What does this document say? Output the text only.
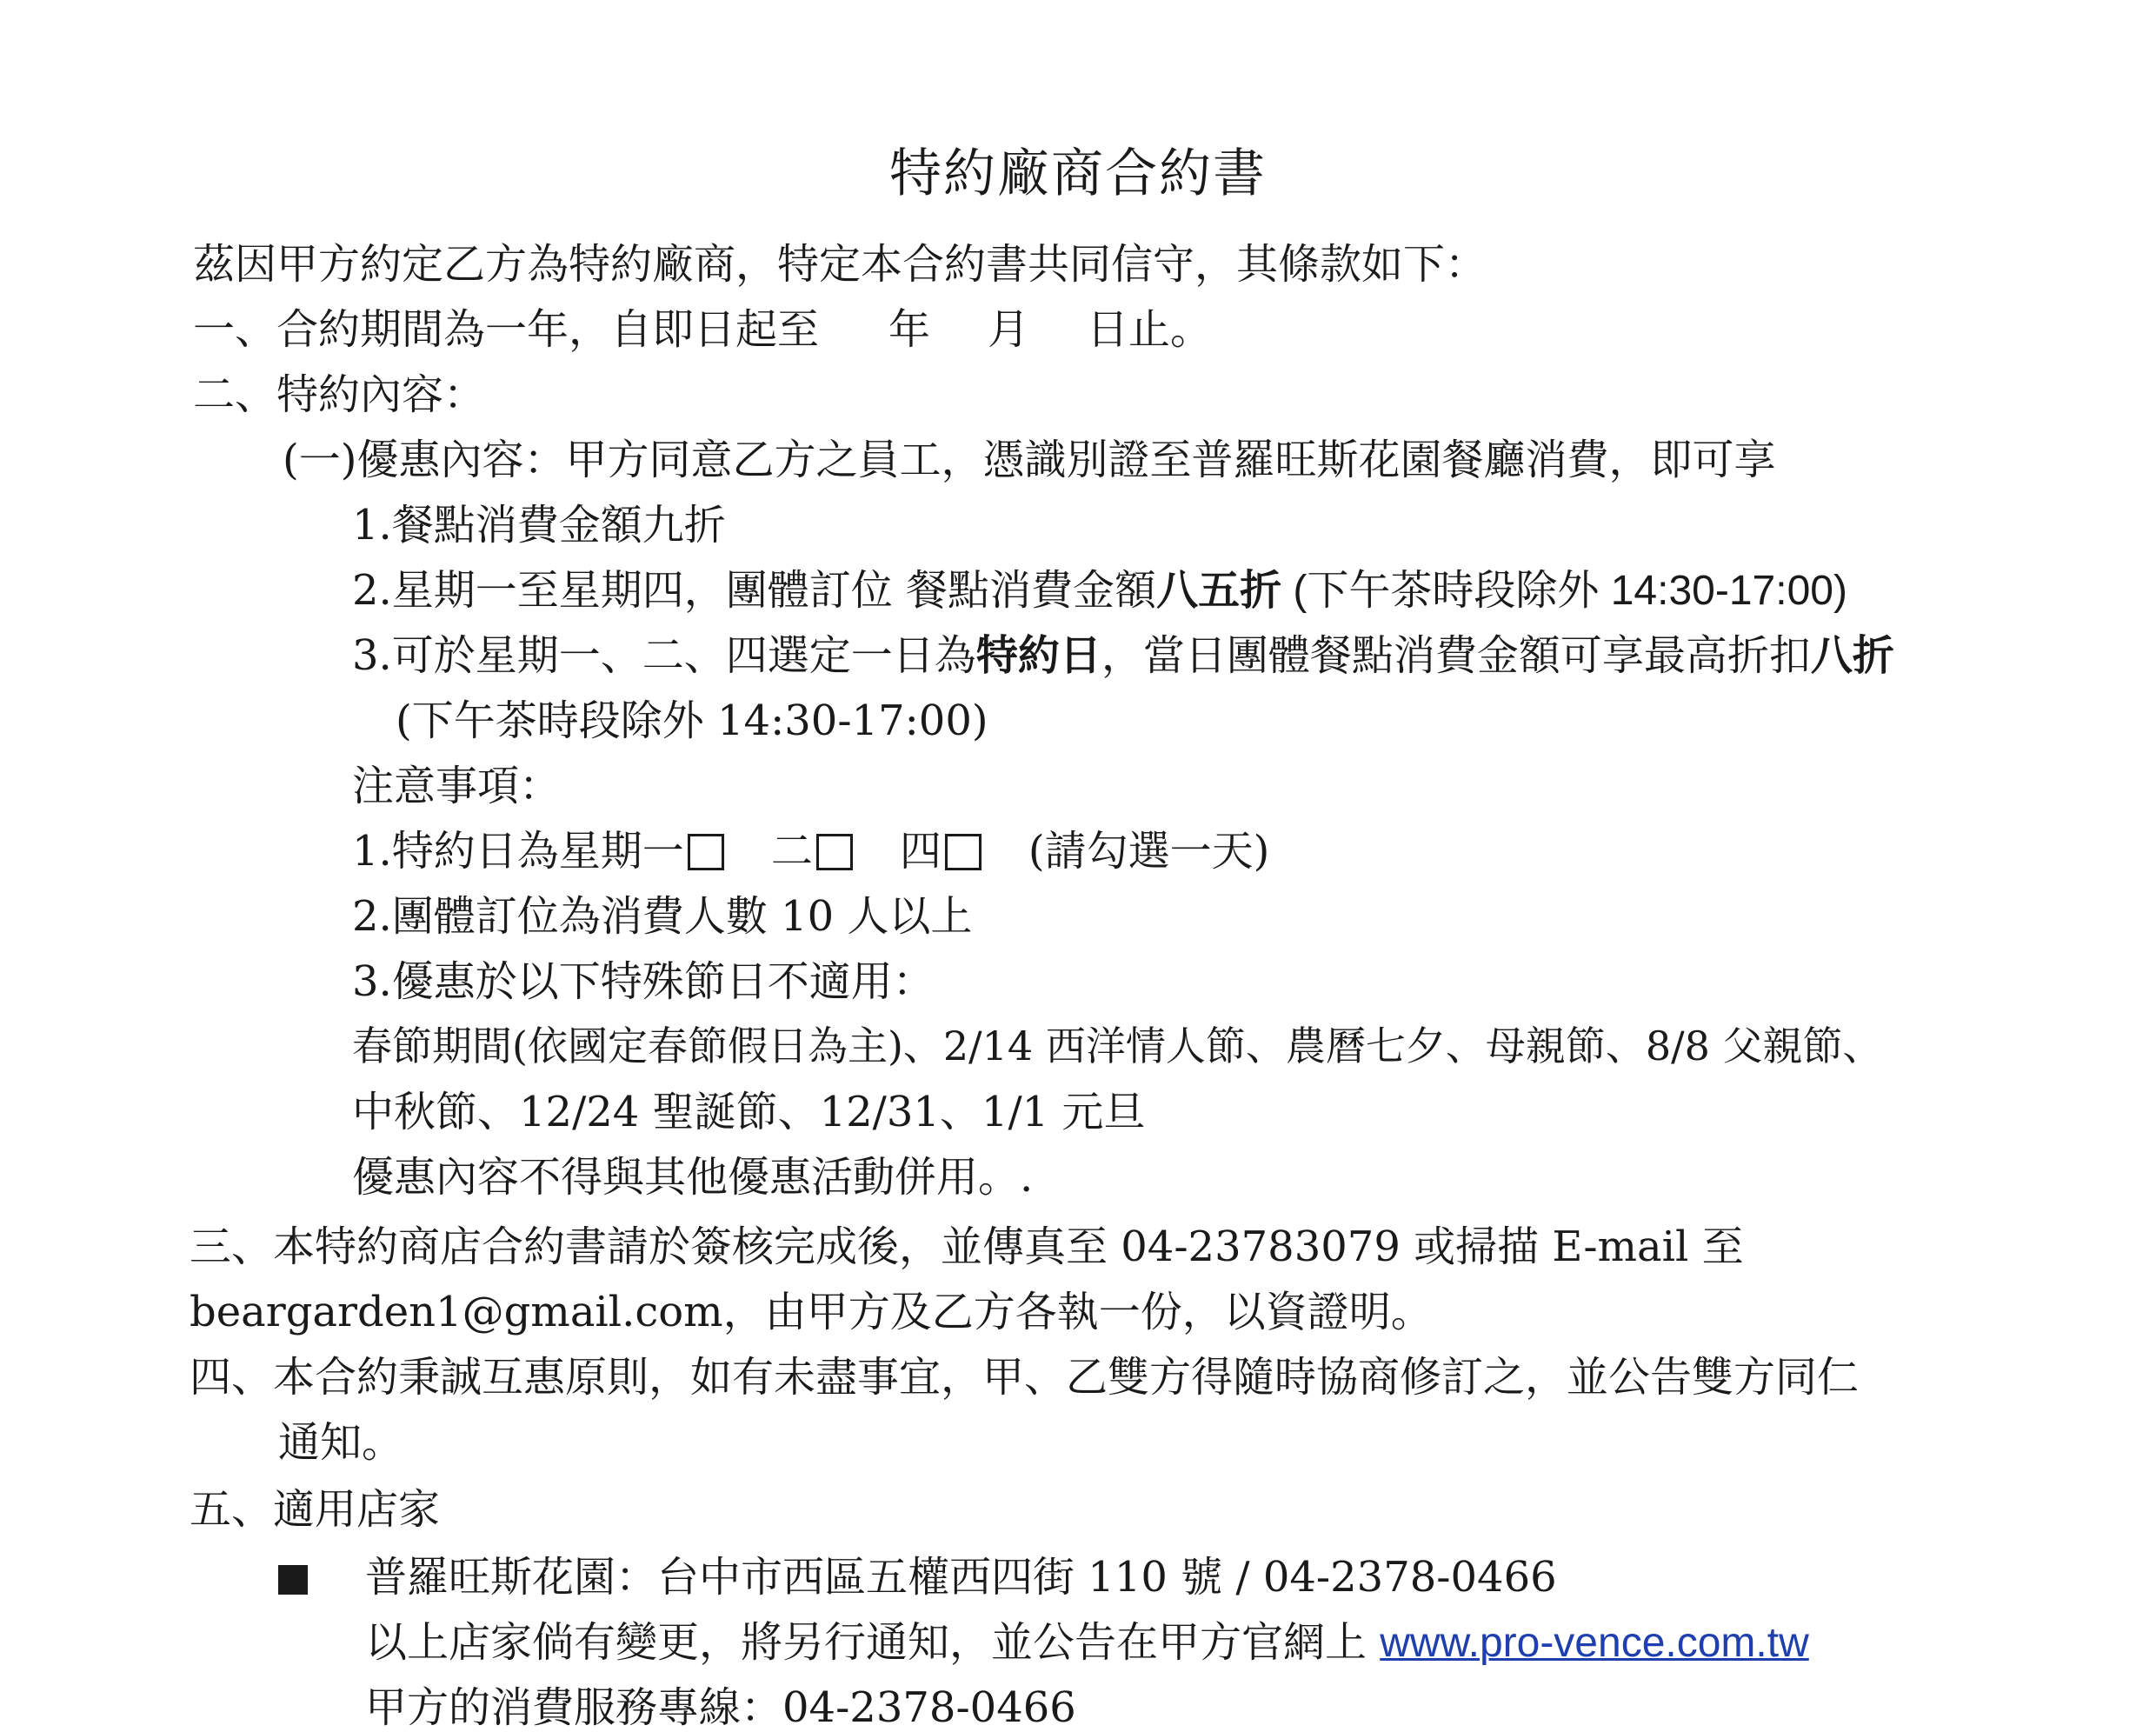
特約廠商合約書
茲因甲方約定乙方為特約廠商，特定本合約書共同信守，其條款如下：
一、合約期間為一年，自即日起至 年 月 日止。
二、特約內容：
(一)優惠內容：甲方同意乙方之員工，憑識別證至普羅旺斯花園餐廳消費，即可享
1.餐點消費金額九折
2.星期一至星期四，團體訂位 餐點消費金額八五折 (下午茶時段除外 14:30-17:00)
3.可於星期一、二、四選定一日為特約日，當日團體餐點消費金額可享最高折扣八折
(下午茶時段除外 14:30-17:00)
注意事項：
1.特約日為星期一 二 四 (請勾選一天)
2.團體訂位為消費人數 10 人以上
3.優惠於以下特殊節日不適用：
春節期間(依國定春節假日為主)、2/14 西洋情人節、農曆七夕、母親節、8/8 父親節、
中秋節、12/24 聖誕節、12/31、1/1 元旦
優惠內容不得與其他優惠活動併用。.
三、本特約商店合約書請於簽核完成後，並傳真至 04-23783079 或掃描 E-mail 至
beargarden1@gmail.com，由甲方及乙方各執一份，以資證明。
四、本合約秉誠互惠原則，如有未盡事宜，甲、乙雙方得隨時協商修訂之，並公告雙方同仁
通知。
五、適用店家
普羅旺斯花園：台中市西區五權西四街 110 號 / 04-2378-0466
以上店家倘有變更，將另行通知，並公告在甲方官網上 www.pro-vence.com.tw
甲方的消費服務專線：04-2378-0466
